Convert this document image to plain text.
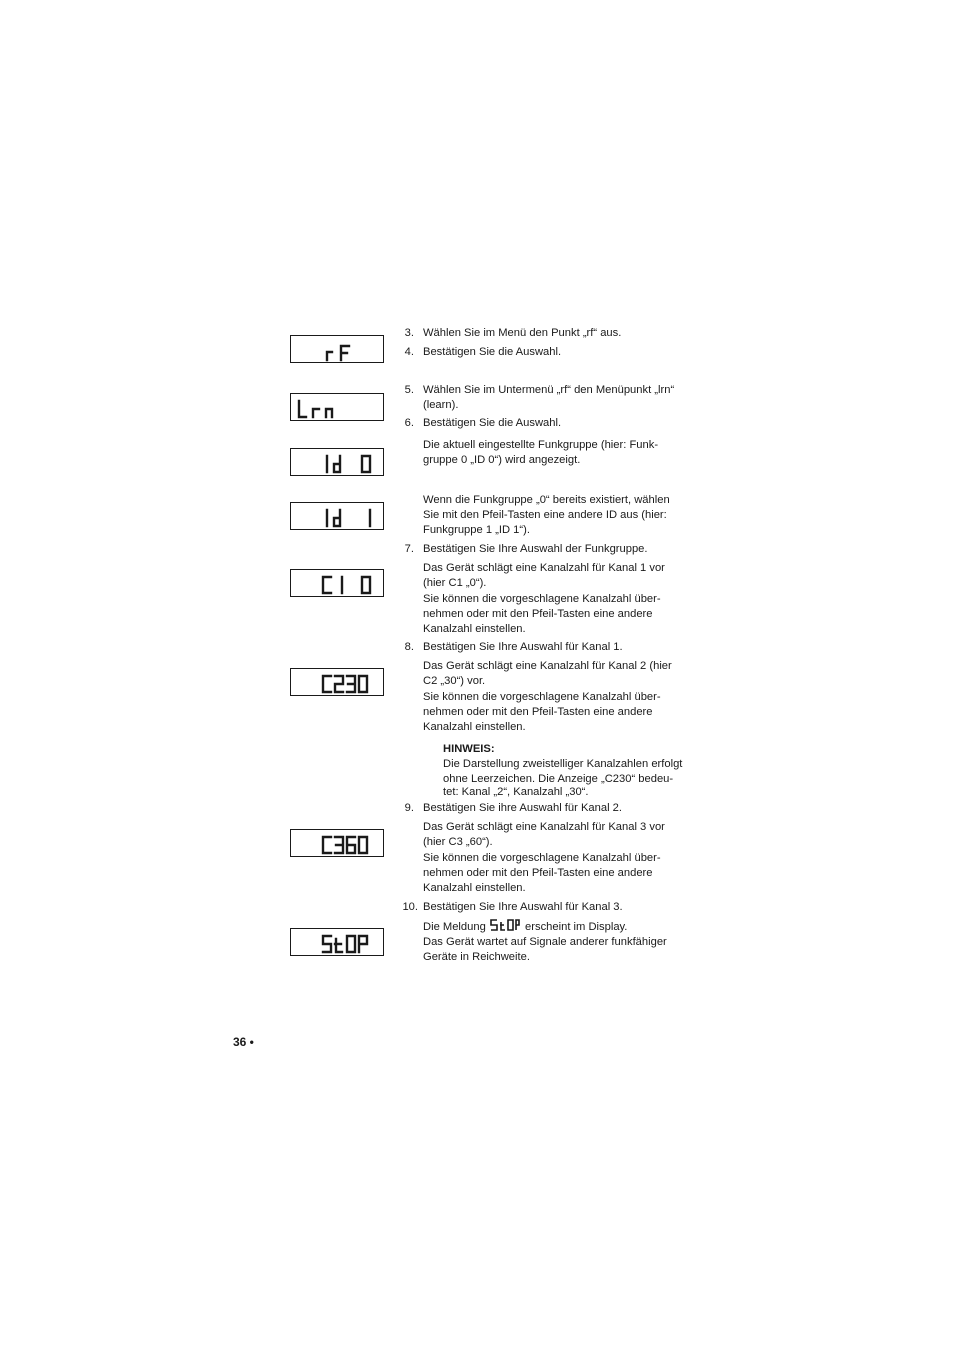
3. Wählen Sie im Menü den Punkt „rf“ aus.
4. Bestätigen Sie die Auswahl.
5. Wählen Sie im Untermenü „rf“ den Menüpunkt „lrn“
(learn).
6. Bestätigen Sie die Auswahl.
Die aktuell eingestellte Funkgruppe (hier: Funk-
gruppe 0 „ID 0“) wird angezeigt.
Wenn die Funkgruppe „0“ bereits existiert, wählen
Sie mit den Pfeil-Tasten eine andere ID aus (hier:
Funkgruppe 1 „ID 1“).
7. Bestätigen Sie Ihre Auswahl der Funkgruppe.
Das Gerät schlägt eine Kanalzahl für Kanal 1 vor
(hier C1 „0“).
Sie können die vorgeschlagene Kanalzahl über-
nehmen oder mit den Pfeil-Tasten eine andere
Kanalzahl einstellen.
8. Bestätigen Sie Ihre Auswahl für Kanal 1.
Das Gerät schlägt eine Kanalzahl für Kanal 2 (hier
C2 „30“) vor.
Sie können die vorgeschlagene Kanalzahl über-
nehmen oder mit den Pfeil-Tasten eine andere
Kanalzahl einstellen.
HINWEIS:
Die Darstellung zweistelliger Kanalzahlen erfolgt
ohne Leerzeichen. Die Anzeige „C230“ bedeu-
tet: Kanal „2“, Kanalzahl „30“.
9. Bestätigen Sie ihre Auswahl für Kanal 2.
Das Gerät schlägt eine Kanalzahl für Kanal 3 vor
(hier C3 „60“).
Sie können die vorgeschlagene Kanalzahl über-
nehmen oder mit den Pfeil-Tasten eine andere
Kanalzahl einstellen.
10. Bestätigen Sie Ihre Auswahl für Kanal 3.
Die Meldung	erscheint im Display.
Das Gerät wartet auf Signale anderer funkfähiger
Geräte in Reichweite.
36 •
